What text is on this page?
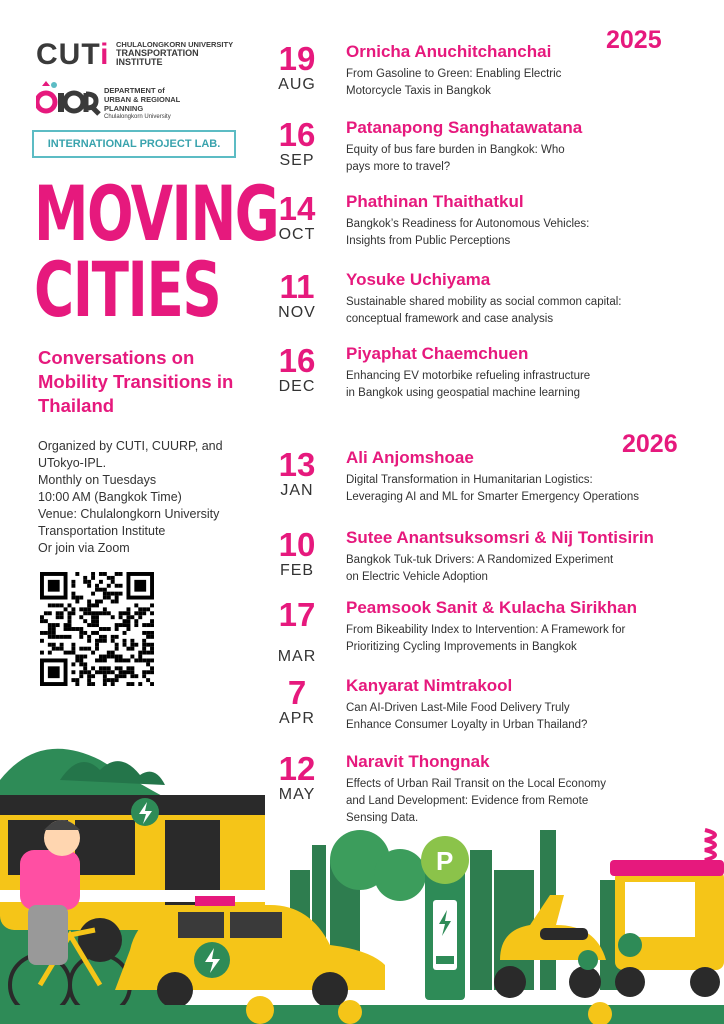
CUTi CHULALONGKORN UNIVERSITY
TRANSPORTATION
INSTITUTE
DEPARTMENT of
URBAN & REGIONAL
PLANNING
Chulalongkorn University
INTERNATIONAL PROJECT LAB.
MOVING
CITIES
Conversations on Mobility Transitions in Thailand
Organized by CUTI, CUURP, and
UTokyo-IPL.
Monthly on Tuesdays
10:00 AM (Bangkok Time)
Venue: Chulalongkorn University
Transportation Institute
Or join via Zoom
2025
2026
19
AUG
Ornicha Anuchitchanchai
From Gasoline to Green: Enabling Electric
Motorcycle Taxis in Bangkok
16
SEP
Patanapong Sanghatawatana
Equity of bus fare burden in Bangkok: Who
pays more to travel?
14
OCT
Phathinan Thaithatkul
Bangkok’s Readiness for Autonomous Vehicles:
Insights from Public Perceptions
11
NOV
Yosuke Uchiyama
Sustainable shared mobility as social common capital:
conceptual framework and case analysis
16
DEC
Piyaphat Chaemchuen
Enhancing EV motorbike refueling infrastructure
in Bangkok using geospatial machine learning
13
JAN
Ali Anjomshoae
Digital Transformation in Humanitarian Logistics:
Leveraging AI and ML for Smarter Emergency Operations
10
FEB
Sutee Anantsuksomsri & Nij Tontisirin
Bangkok Tuk-tuk Drivers: A Randomized Experiment
on Electric Vehicle Adoption
17
MAR
Peamsook Sanit & Kulacha Sirikhan
From Bikeability Index to Intervention: A Framework for
Prioritizing Cycling Improvements in Bangkok
7
APR
Kanyarat Nimtrakool
Can AI-Driven Last-Mile Food Delivery Truly
Enhance Consumer Loyalty in Urban Thailand?
12
MAY
Naravit Thongnak
Effects of Urban Rail Transit on the Local Economy
and Land Development: Evidence from Remote
Sensing Data.
P
